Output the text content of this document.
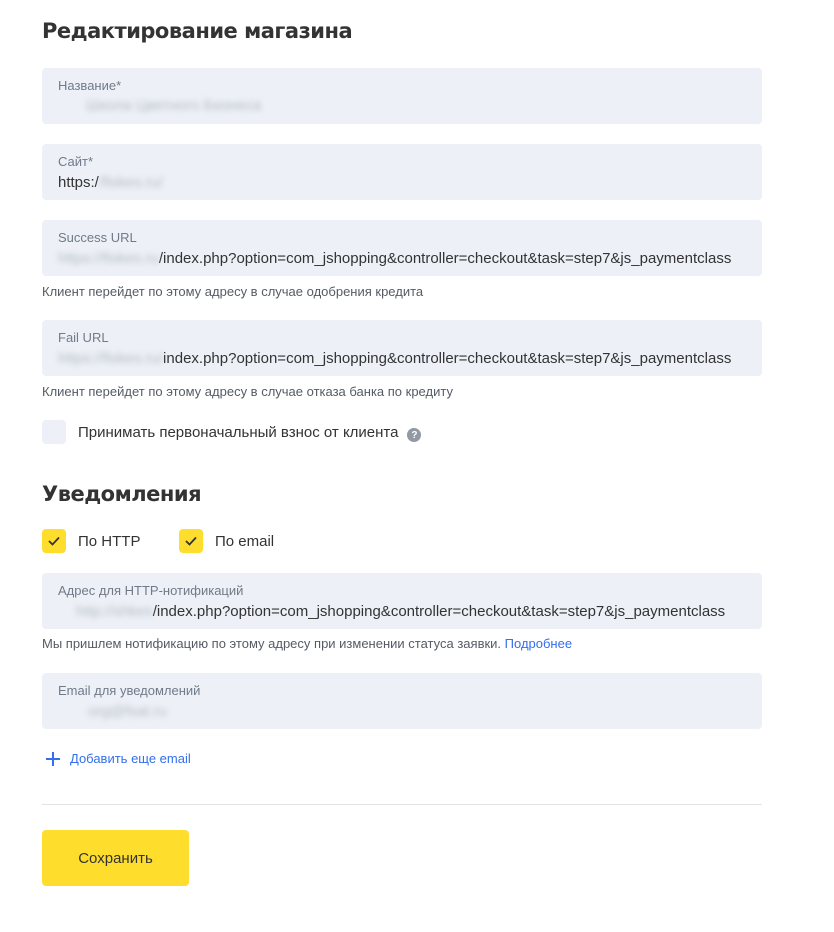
Редактирование магазина
Название*
Школа Цветного Бизнеса
Сайт*
https://fiskes.ru/
Success URL
https://fiskes.ru/index.php?option=com_jshopping&controller=checkout&task=step7&js_paymentclass
Клиент перейдет по этому адресу в случае одобрения кредита
Fail URL
https://fiskes.ru/index.php?option=com_jshopping&controller=checkout&task=step7&js_paymentclass
Клиент перейдет по этому адресу в случае отказа банка по кредиту
Принимать первоначальный взнос от клиента	?
Уведомления
По HTTP	По email
Адрес для HTTP-нотификаций
http://shkes/index.php?option=com_jshopping&controller=checkout&task=step7&js_paymentclass
Мы пришлем нотификацию по этому адресу при изменении статуса заявки. Подробнее
Email для уведомлений
org@fsat.ru
Добавить еще email
Сохранить
